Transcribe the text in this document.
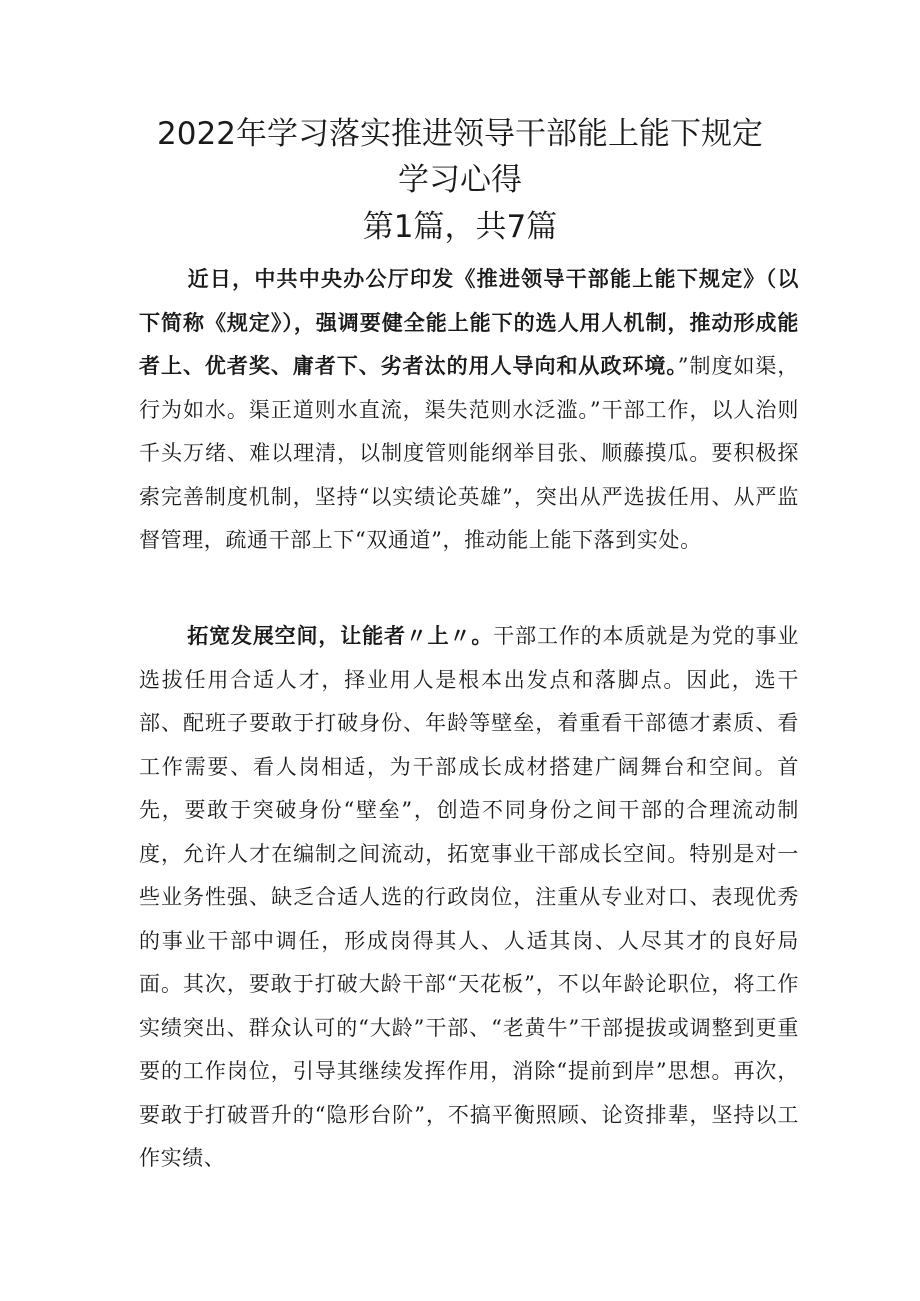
2022年学习落实推进领导干部能上能下规定
学习心得
第1篇，共7篇

近日，中共中央办公厅印发《推进领导干部能上能下规定》（以下简称《规定》），强调要健全能上能下的选人用人机制，推动形成能者上、优者奖、庸者下、劣者汰的用人导向和从政环境。”制度如渠，行为如水。渠正道则水直流，渠失范则水泛滥。”干部工作，以人治则千头万绪、难以理清，以制度管则能纲举目张、顺藤摸瓜。要积极探索完善制度机制，坚持“以实绩论英雄”，突出从严选拔任用、从严监督管理，疏通干部上下“双通道”，推动能上能下落到实处。

拓宽发展空间，让能者〃上〃。干部工作的本质就是为党的事业选拔任用合适人才，择业用人是根本出发点和落脚点。因此，选干部、配班子要敢于打破身份、年龄等壁垒，着重看干部德才素质、看工作需要、看人岗相适，为干部成长成材搭建广阔舞台和空间。首先，要敢于突破身份“壁垒”，创造不同身份之间干部的合理流动制度，允许人才在编制之间流动，拓宽事业干部成长空间。特别是对一些业务性强、缺乏合适人选的行政岗位，注重从专业对口、表现优秀的事业干部中调任，形成岗得其人、人适其岗、人尽其才的良好局面。其次，要敢于打破大龄干部“天花板”，不以年龄论职位，将工作实绩突出、群众认可的“大龄”干部、“老黄牛”干部提拔或调整到更重要的工作岗位，引导其继续发挥作用，消除“提前到岸”思想。再次，要敢于打破晋升的“隐形台阶”，不搞平衡照顾、论资排辈，坚持以工作实绩、
